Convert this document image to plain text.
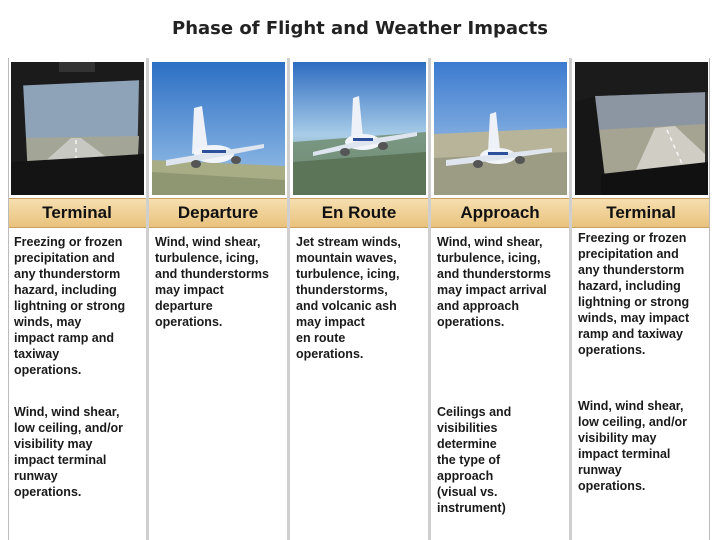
Phase of Flight and Weather Impacts
Terminal
Freezing or frozen
precipitation and
any thunderstorm
hazard, including
lightning or strong
winds, may
impact ramp and
taxiway
operations.
Wind, wind shear,
low ceiling, and/or
visibility may
impact terminal
runway
operations.
Departure
Wind, wind shear,
turbulence, icing,
and thunderstorms
may impact
departure
operations.
En Route
Jet stream winds,
mountain waves,
turbulence, icing,
thunderstorms,
and volcanic ash
may impact
en route
operations.
Approach
Wind, wind shear,
turbulence, icing,
and thunderstorms
may impact arrival
and approach
operations.
Ceilings and
visibilities
determine
the type of
approach
(visual vs.
instrument)
Terminal
Freezing or frozen
precipitation and
any thunderstorm
hazard, including
lightning or strong
winds, may impact
ramp and taxiway
operations.
Wind, wind shear,
low ceiling, and/or
visibility may
impact terminal
runway
operations.
